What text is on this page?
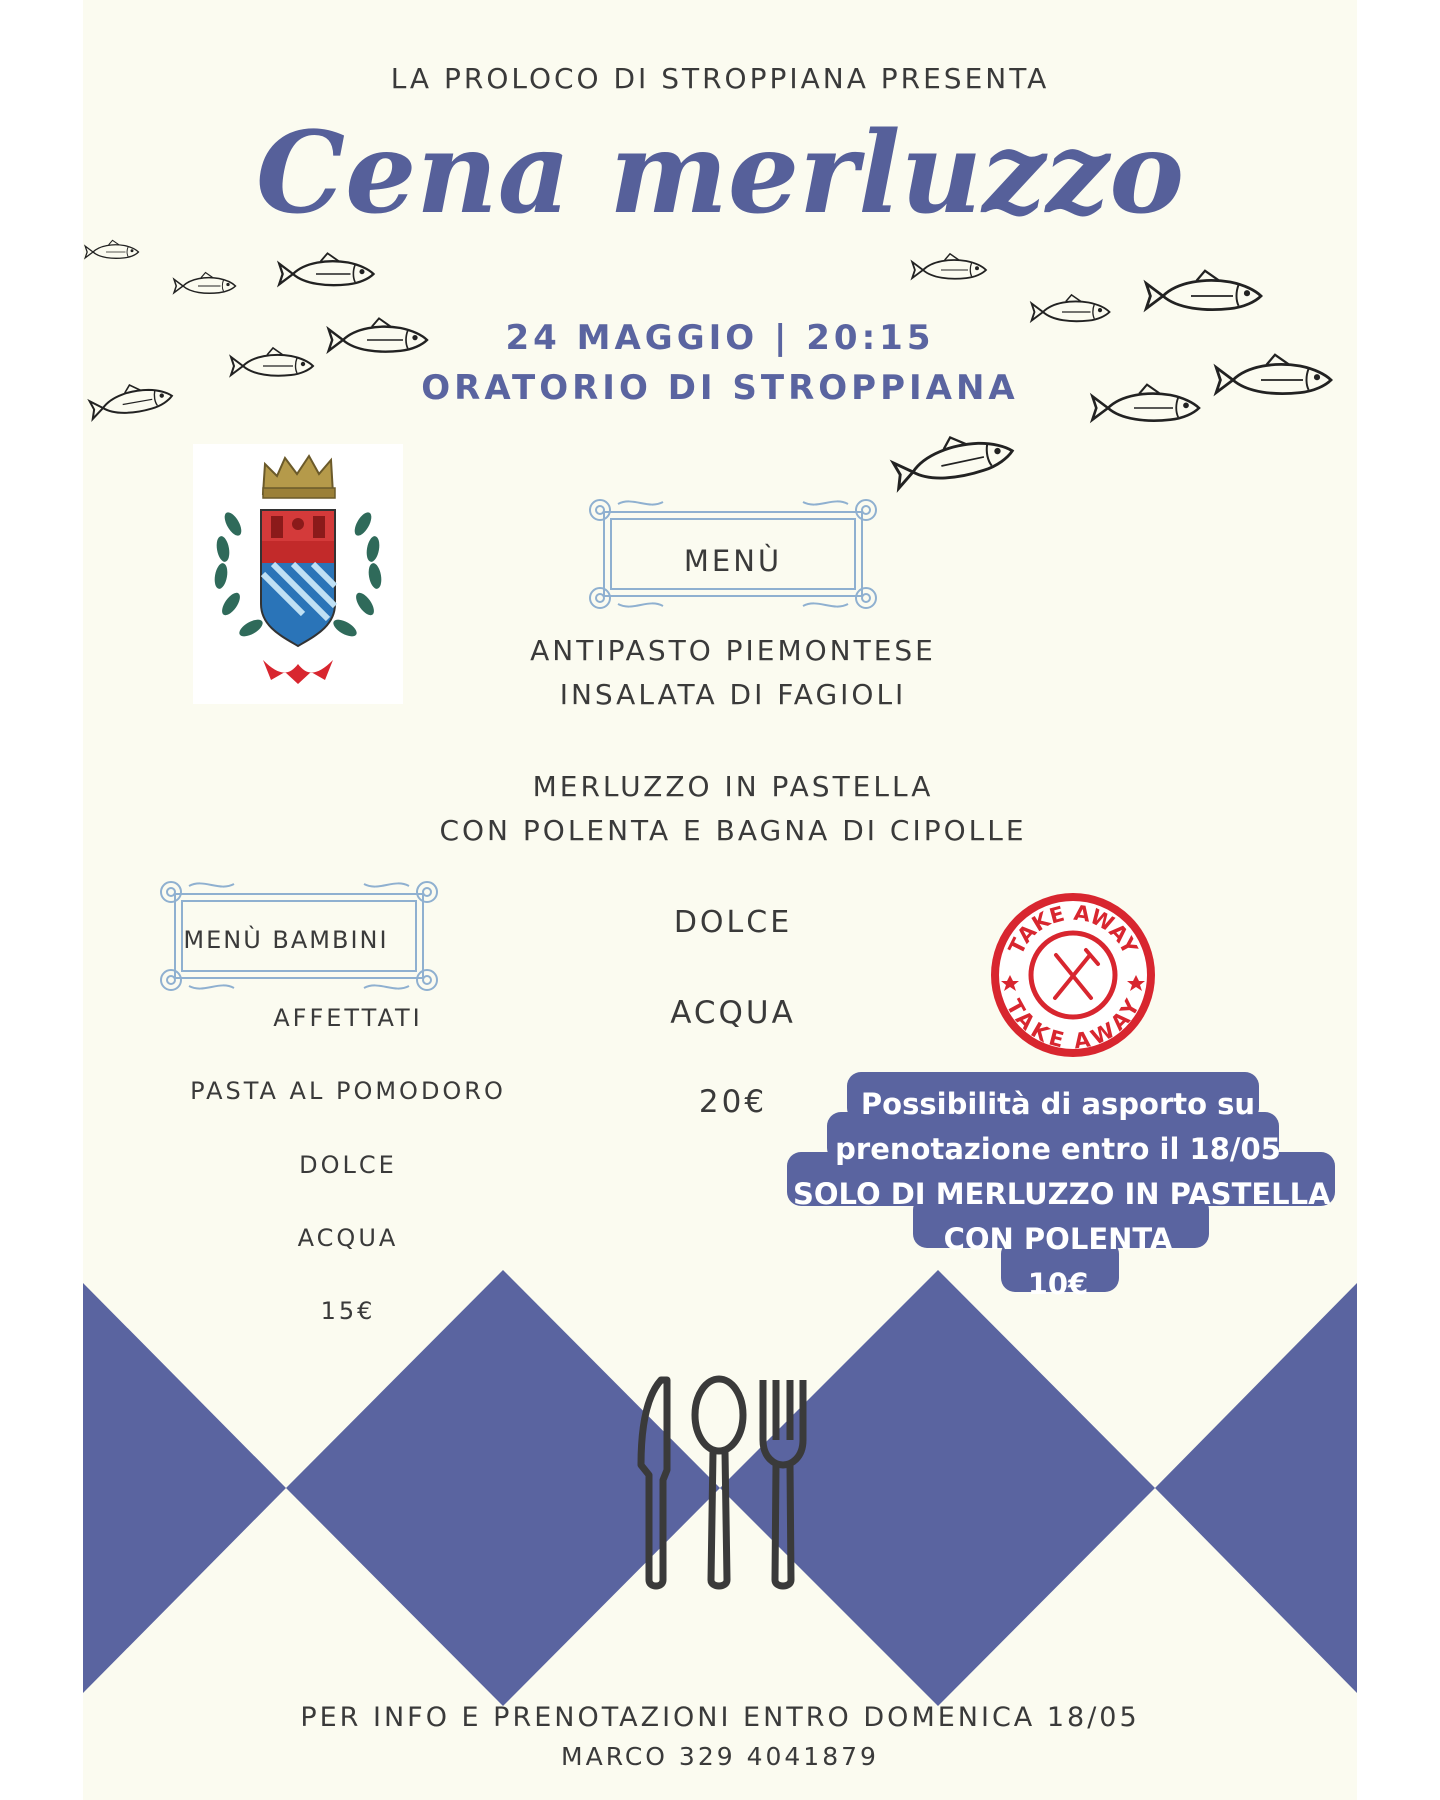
MENÙ
MENÙ BAMBINI
LA PROLOCO DI STROPPIANA PRESENTA
Cena merluzzo
24 MAGGIO | 20:15
ORATORIO DI STROPPIANA
ANTIPASTO PIEMONTESE
INSALATA DI FAGIOLI
MERLUZZO IN PASTELLA
CON POLENTA E BAGNA DI CIPOLLE
DOLCE
ACQUA
20€
AFFETTATI
PASTA AL POMODORO
DOLCE
ACQUA
15€
TAKE AWAY
TAKE AWAY
Possibilità di asporto su
prenotazione entro il 18/05
SOLO DI MERLUZZO IN PASTELLA
CON POLENTA
10€
PER INFO E PRENOTAZIONI ENTRO DOMENICA 18/05
MARCO 329 4041879
